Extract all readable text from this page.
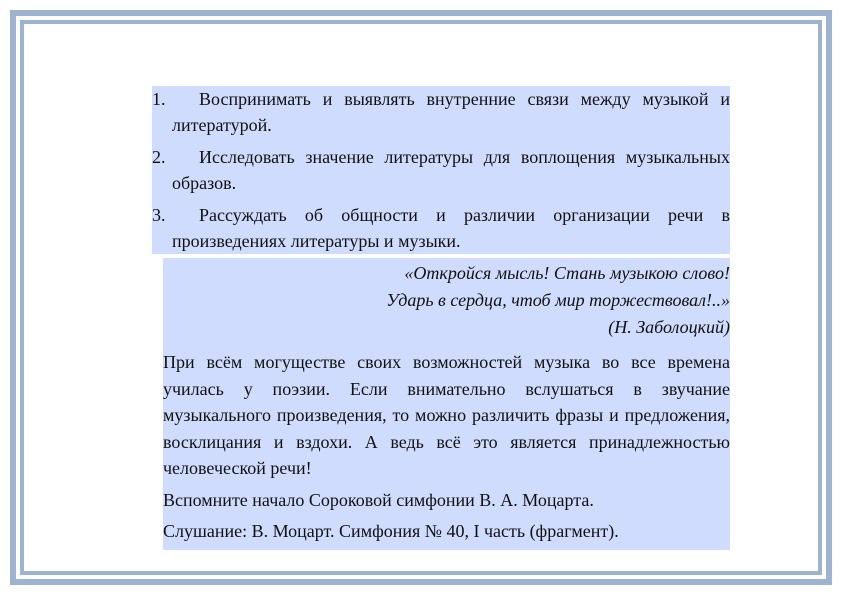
1. Воспринимать и выявлять внутренние связи между музыкой и литературой.
2. Исследовать значение литературы для воплощения музыкальных образов.
3. Рассуждать об общности и различии организации речи в произведениях литературы и музыки.
«Откройся мысль! Стань музыкою слово!
Ударь в сердца, чтоб мир торжествовал!..»
(Н. Заболоцкий)

При всём могуществе своих возможностей музыка во все времена училась у поэзии. Если внимательно вслушаться в звучание музыкального произведения, то можно различить фразы и предложения, восклицания и вздохи. А ведь всё это является принадлежностью человеческой речи!

Вспомните начало Сороковой симфонии В. А. Моцарта.

Слушание: В. Моцарт. Симфония № 40, I часть (фрагмент).
